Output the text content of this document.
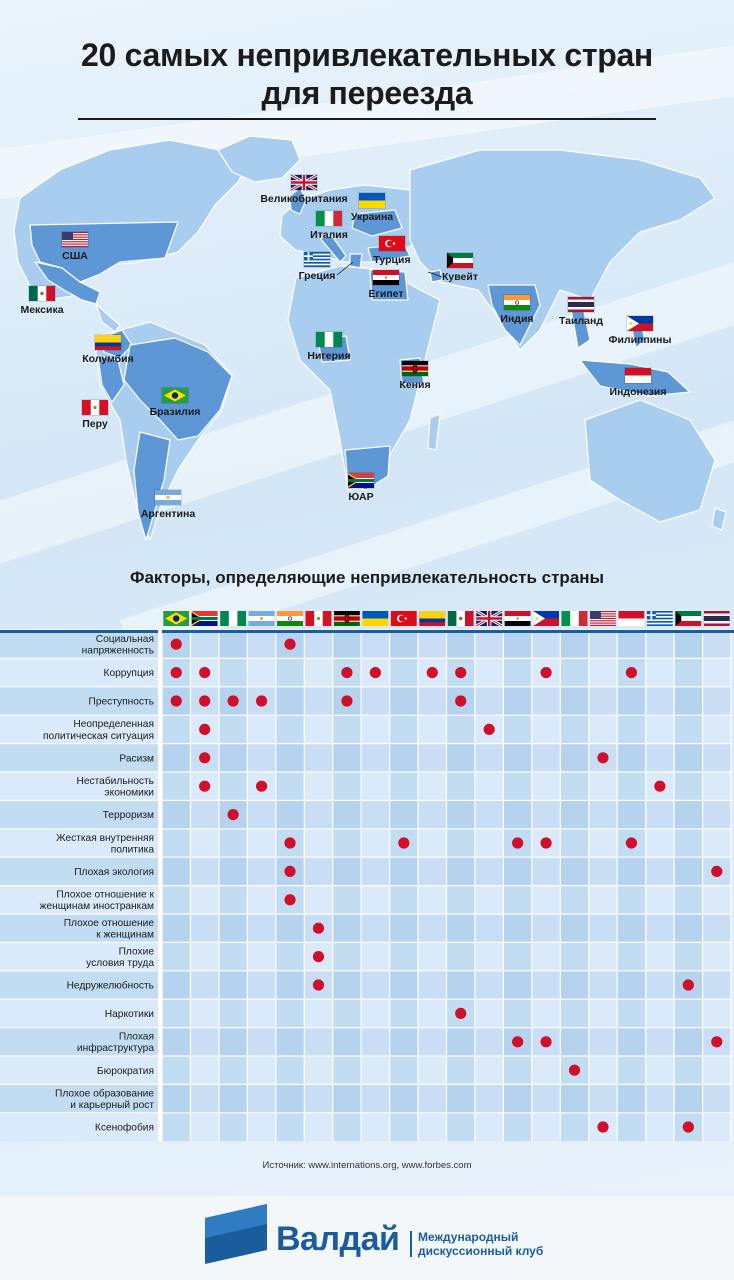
20 самых непривлекательных стран
для переезда
США
Мексика
Колумбия
Перу
Бразилия
Аргентина
Великобритания
Украина
Италия
Турция
Греция
Египет
Кувейт
Индия	Таиланд
Филиппины
Нигерия
Кения
Индонезия
ЮАР
Факторы, определяющие непривлекательность страны
Социальная напряженность
Коррупция
Преступность
Неопределенная политическая ситуация
Расизм
Нестабильность экономики
Терроризм
Жесткая внутренняя политика
Плохая экология
Плохое отношение к женщинам иностранкам
Плохое отношение к женщинам
Плохие условия труда
Недружелюбность
Наркотики
Плохая инфраструктура
Бюрократия
Плохое образование и карьерный рост
Ксенофобия
Источник: www.internations.org, www.forbes.com
Валдай Международный
дискуссионный клуб
